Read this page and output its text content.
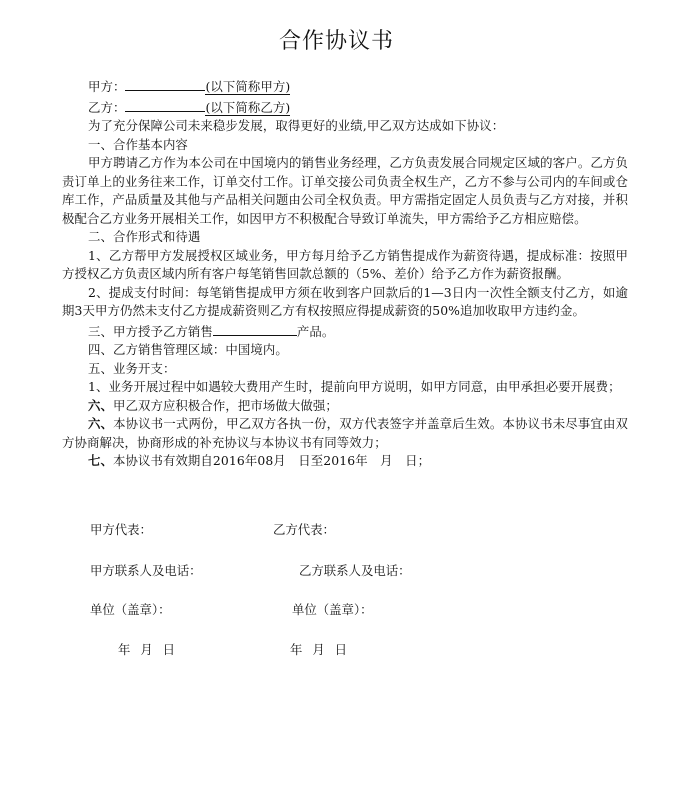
合作协议书
甲方：	(以下简称甲方)
乙方：	(以下简称乙方)
为了充分保障公司未来稳步发展，取得更好的业绩,甲乙双方达成如下协议：
一、合作基本内容
甲方聘请乙方作为本公司在中国境内的销售业务经理，乙方负责发展合同规定区域的客户。乙方负责订单上的业务往来工作，订单交付工作。订单交接公司负责全权生产，乙方不参与公司内的车间或仓库工作，产品质量及其他与产品相关问题由公司全权负责。甲方需指定固定人员负责与乙方对接，并积极配合乙方业务开展相关工作，如因甲方不积极配合导致订单流失，甲方需给予乙方相应赔偿。
二、合作形式和待遇
1、乙方帮甲方发展授权区域业务，甲方每月给予乙方销售提成作为薪资待遇，提成标准：按照甲方授权乙方负责区域内所有客户每笔销售回款总额的（5%、差价）给予乙方作为薪资报酬。
2、提成支付时间：每笔销售提成甲方须在收到客户回款后的1—3日内一次性全额支付乙方，如逾期3天甲方仍然未支付乙方提成薪资则乙方有权按照应得提成薪资的50%追加收取甲方违约金。
三、甲方授予乙方销售	产品。
四、乙方销售管理区域：中国境内。
五、业务开支：
1、业务开展过程中如遇较大费用产生时，提前向甲方说明，如甲方同意，由甲承担必要开展费；
六、甲乙双方应积极合作，把市场做大做强；
六、本协议书一式两份，甲乙双方各执一份，双方代表签字并盖章后生效。本协议书未尽事宜由双方协商解决，协商形成的补充协议与本协议书有同等效力；
七、本协议书有效期自2016年08月　日至2016年　月　日；
甲方代表：	乙方代表：
甲方联系人及电话：	乙方联系人及电话：
单位（盖章）：	单位（盖章）：
年 月 日	年 月 日
